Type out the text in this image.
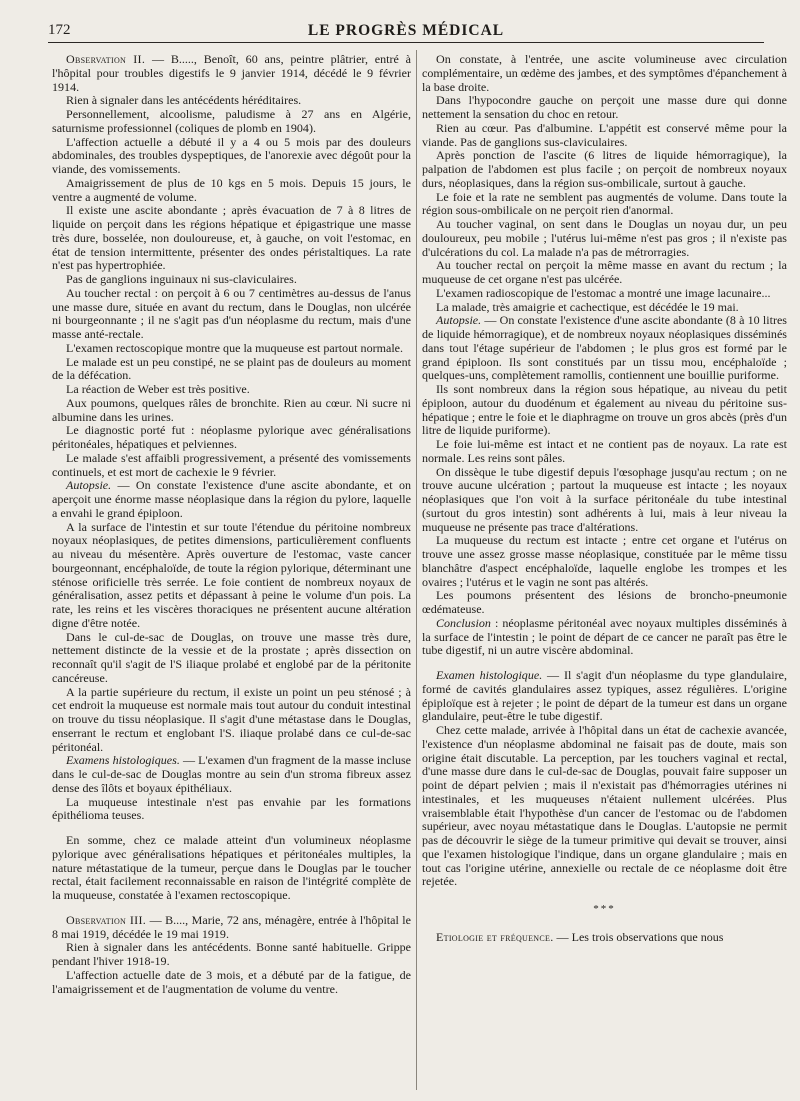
172	LE PROGRÈS MÉDICAL

Observation II. — B....., Benoît, 60 ans, peintre plâtrier, entré à l'hôpital pour troubles digestifs le 9 janvier 1914, décédé le 9 février 1914.

Rien à signaler dans les antécédents héréditaires.

Personnellement, alcoolisme, paludisme à 27 ans en Algérie, saturnisme professionnel (coliques de plomb en 1904).

L'affection actuelle a débuté il y a 4 ou 5 mois par des douleurs abdominales, des troubles dyspeptiques, de l'anorexie avec dégoût pour la viande, des vomissements.

Amaigrissement de plus de 10 kgs en 5 mois. Depuis 15 jours, le ventre a augmenté de volume.

Il existe une ascite abondante ; après évacuation de 7 à 8 litres de liquide on perçoit dans les régions hépatique et épigastrique une masse très dure, bosselée, non douloureuse, et, à gauche, on voit l'estomac, en état de tension intermittente, présenter des ondes péristaltiques. La rate n'est pas hypertrophiée.

Pas de ganglions inguinaux ni sus-claviculaires.

Au toucher rectal : on perçoit à 6 ou 7 centimètres au-dessus de l'anus une masse dure, située en avant du rectum, dans le Douglas, non ulcérée ni bourgeonnante ; il ne s'agit pas d'un néoplasme du rectum, mais d'une masse anté-rectale.

L'examen rectoscopique montre que la muqueuse est partout normale.

Le malade est un peu constipé, ne se plaint pas de douleurs au moment de la défécation.

La réaction de Weber est très positive.

Aux poumons, quelques râles de bronchite. Rien au cœur. Ni sucre ni albumine dans les urines.

Le diagnostic porté fut : néoplasme pylorique avec généralisations péritonéales, hépatiques et pelviennes.

Le malade s'est affaibli progressivement, a présenté des vomissements continuels, et est mort de cachexie le 9 février.

Autopsie. — On constate l'existence d'une ascite abondante, et on aperçoit une énorme masse néoplasique dans la région du pylore, laquelle a envahi le grand épiploon.

A la surface de l'intestin et sur toute l'étendue du péritoine nombreux noyaux néoplasiques, de petites dimensions, particulièrement confluents au niveau du mésentère. Après ouverture de l'estomac, vaste cancer bourgeonnant, encéphaloïde, de toute la région pylorique, déterminant une sténose orificielle très serrée. Le foie contient de nombreux noyaux de généralisation, assez petits et dépassant à peine le volume d'un pois. La rate, les reins et les viscères thoraciques ne présentent aucune altération digne d'être notée.

Dans le cul-de-sac de Douglas, on trouve une masse très dure, nettement distincte de la vessie et de la prostate ; après dissection on reconnaît qu'il s'agit de l'S iliaque prolabé et englobé par de la péritonite cancéreuse.

A la partie supérieure du rectum, il existe un point un peu sténosé ; à cet endroit la muqueuse est normale mais tout autour du conduit intestinal on trouve du tissu néoplasique. Il s'agit d'une métastase dans le Douglas, enserrant le rectum et englobant l'S. iliaque prolabé dans ce cul-de-sac péritonéal.

Examens histologiques. — L'examen d'un fragment de la masse incluse dans le cul-de-sac de Douglas montre au sein d'un stroma fibreux assez dense des îlôts et boyaux épithéliaux.

La muqueuse intestinale n'est pas envahie par les formations épithélioma teuses.

En somme, chez ce malade atteint d'un volumineux néoplasme pylorique avec généralisations hépatiques et péritonéales multiples, la nature métastatique de la tumeur, perçue dans le Douglas par le toucher rectal, était facilement reconnaissable en raison de l'intégrité complète de la muqueuse, constatée à l'examen rectoscopique.

Observation III. — B...., Marie, 72 ans, ménagère, entrée à l'hôpital le 8 mai 1919, décédée le 19 mai 1919.

Rien à signaler dans les antécédents. Bonne santé habituelle. Grippe pendant l'hiver 1918-19.

L'affection actuelle date de 3 mois, et a débuté par de la fatigue, de l'amaigrissement et de l'augmentation de volume du ventre.

On constate, à l'entrée, une ascite volumineuse avec circulation complémentaire, un œdème des jambes, et des symptômes d'épanchement à la base droite.

Dans l'hypocondre gauche on perçoit une masse dure qui donne nettement la sensation du choc en retour.

Rien au cœur. Pas d'albumine. L'appétit est conservé même pour la viande. Pas de ganglions sus-claviculaires.

Après ponction de l'ascite (6 litres de liquide hémorragique), la palpation de l'abdomen est plus facile ; on perçoit de nombreux noyaux durs, néoplasiques, dans la région sus-ombilicale, surtout à gauche.

Le foie et la rate ne semblent pas augmentés de volume. Dans toute la région sous-ombilicale on ne perçoit rien d'anormal.

Au toucher vaginal, on sent dans le Douglas un noyau dur, un peu douloureux, peu mobile ; l'utérus lui-même n'est pas gros ; il n'existe pas d'ulcérations du col. La malade n'a pas de métrorragies.

Au toucher rectal on perçoit la même masse en avant du rectum ; la muqueuse de cet organe n'est pas ulcérée.

L'examen radioscopique de l'estomac a montré une image lacunaire...

La malade, très amaigrie et cachectique, est décédée le 19 mai.

Autopsie. — On constate l'existence d'une ascite abondante (8 à 10 litres de liquide hémorragique), et de nombreux noyaux néoplasiques disséminés dans tout l'étage supérieur de l'abdomen ; le plus gros est formé par le grand épiploon. Ils sont constitués par un tissu mou, encéphaloïde ; quelques-uns, complètement ramollis, contiennent une bouillie puriforme.

Ils sont nombreux dans la région sous hépatique, au niveau du petit épiploon, autour du duodénum et également au niveau du péritoine sus-hépatique ; entre le foie et le diaphragme on trouve un gros abcès (près d'un litre de liquide puriforme).

Le foie lui-même est intact et ne contient pas de noyaux. La rate est normale. Les reins sont pâles.

On dissèque le tube digestif depuis l'œsophage jusqu'au rectum ; on ne trouve aucune ulcération ; partout la muqueuse est intacte ; les noyaux néoplasiques que l'on voit à la surface péritonéale du tube intestinal (surtout du gros intestin) sont adhérents à lui, mais à leur niveau la muqueuse ne présente pas trace d'altérations.

La muqueuse du rectum est intacte ; entre cet organe et l'utérus on trouve une assez grosse masse néoplasique, constituée par le même tissu blanchâtre d'aspect encéphaloïde, laquelle englobe les trompes et les ovaires ; l'utérus et le vagin ne sont pas altérés.

Les poumons présentent des lésions de broncho-pneumonie œdémateuse.

Conclusion : néoplasme péritonéal avec noyaux multiples disséminés à la surface de l'intestin ; le point de départ de ce cancer ne paraît pas être le tube digestif, ni un autre viscère abdominal.

Examen histologique. — Il s'agit d'un néoplasme du type glandulaire, formé de cavités glandulaires assez typiques, assez régulières. L'origine épiploïque est à rejeter ; le point de départ de la tumeur est dans un organe glandulaire, peut-être le tube digestif.

Chez cette malade, arrivée à l'hôpital dans un état de cachexie avancée, l'existence d'un néoplasme abdominal ne faisait pas de doute, mais son origine était discutable. La perception, par les touchers vaginal et rectal, d'une masse dure dans le cul-de-sac de Douglas, pouvait faire supposer un point de départ pelvien ; mais il n'existait pas d'hémorragies utérines ni intestinales, et les muqueuses n'étaient nullement ulcérées. Plus vraisemblable était l'hypothèse d'un cancer de l'estomac ou de l'abdomen supérieur, avec noyau métastatique dans le Douglas. L'autopsie ne permit pas de découvrir le siège de la tumeur primitive qui devait se trouver, ainsi que l'examen histologique l'indique, dans un organe glandulaire ; mais en tout cas l'origine utérine, annexielle ou rectale de ce néoplasme doit être rejetée.

***

Etiologie et fréquence. — Les trois observations que nous
